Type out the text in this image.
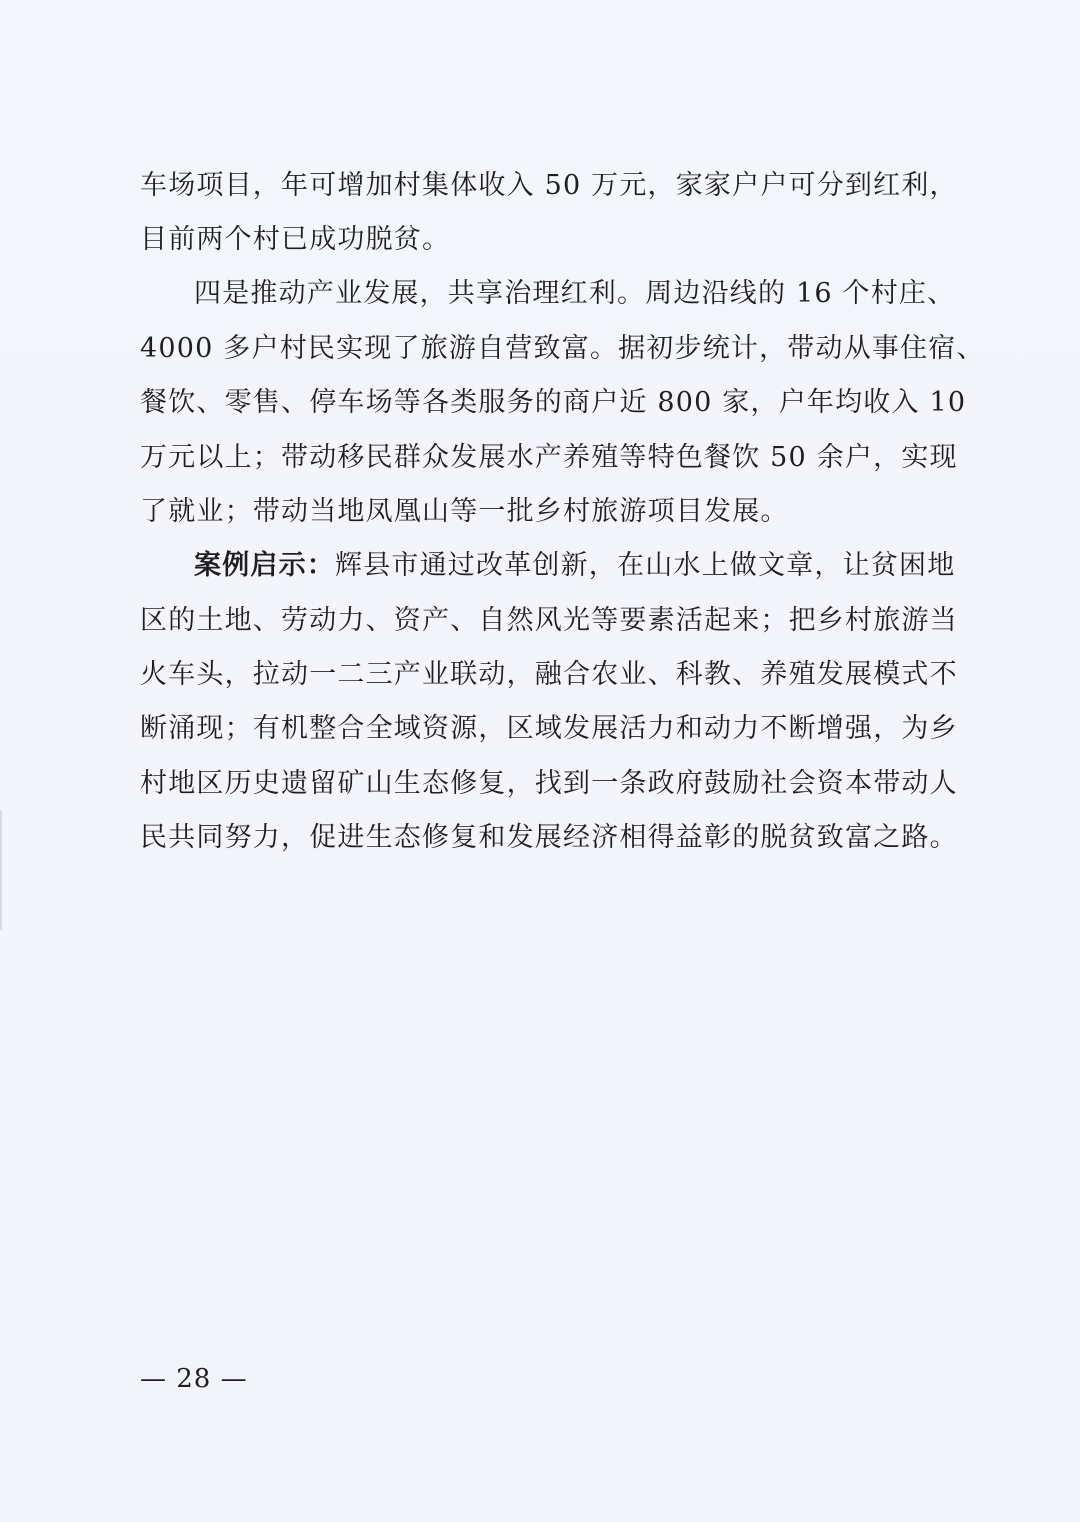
车场项目，年可增加村集体收入 50 万元，家家户户可分到红利，
目前两个村已成功脱贫。
四是推动产业发展，共享治理红利。周边沿线的 16 个村庄、
4000 多户村民实现了旅游自营致富。据初步统计，带动从事住宿、
餐饮、零售、停车场等各类服务的商户近 800 家，户年均收入 10
万元以上；带动移民群众发展水产养殖等特色餐饮 50 余户，实现
了就业；带动当地凤凰山等一批乡村旅游项目发展。
案例启示：辉县市通过改革创新，在山水上做文章，让贫困地
区的土地、劳动力、资产、自然风光等要素活起来；把乡村旅游当
火车头，拉动一二三产业联动，融合农业、科教、养殖发展模式不
断涌现；有机整合全域资源，区域发展活力和动力不断增强，为乡
村地区历史遗留矿山生态修复，找到一条政府鼓励社会资本带动人
民共同努力，促进生态修复和发展经济相得益彰的脱贫致富之路。
— 28 —
